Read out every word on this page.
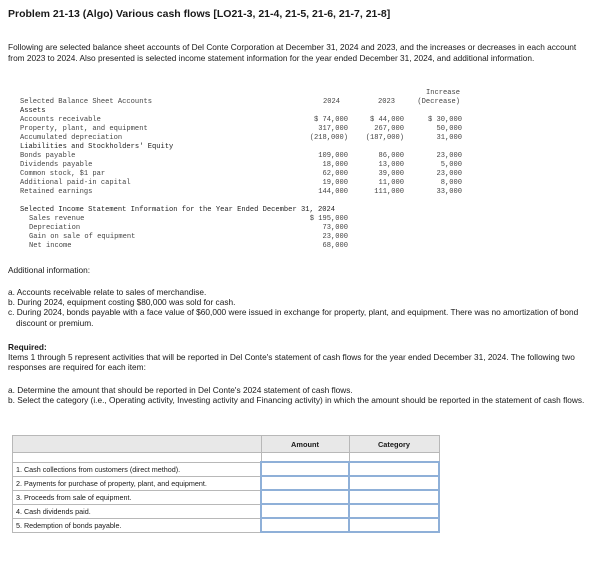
Problem 21-13 (Algo) Various cash flows [LO21-3, 21-4, 21-5, 21-6, 21-7, 21-8]
Following are selected balance sheet accounts of Del Conte Corporation at December 31, 2024 and 2023, and the increases or decreases in each account from 2023 to 2024. Also presented is selected income statement information for the year ended December 31, 2024, and additional information.
Selected Balance Sheet Accounts	2024	2023
Increase
(Decrease)
Assets
Accounts receivable	$ 74,000	$ 44,000	$ 30,000
Property, plant, and equipment	317,000	267,000	50,000
Accumulated depreciation	(218,000)	(187,000)	31,000
Liabilities and Stockholders' Equity
Bonds payable	109,000	86,000	23,000
Dividends payable	18,000	13,000	5,000
Common stock, $1 par	62,000	39,000	23,000
Additional paid-in capital	19,000	11,000	8,000
Retained earnings	144,000	111,000	33,000
Selected Income Statement Information for the Year Ended December 31, 2024
Sales revenue	$ 195,000
Depreciation	73,000
Gain on sale of equipment	23,000
Net income	68,000
Additional information:
a. Accounts receivable relate to sales of merchandise.
b. During 2024, equipment costing $80,000 was sold for cash.
c. During 2024, bonds payable with a face value of $60,000 were issued in exchange for property, plant, and equipment. There was no amortization of bond discount or premium.
Required:
Items 1 through 5 represent activities that will be reported in Del Conte's statement of cash flows for the year ended December 31, 2024. The following two responses are required for each item:
a. Determine the amount that should be reported in Del Conte's 2024 statement of cash flows.
b. Select the category (i.e., Operating activity, Investing activity and Financing activity) in which the amount should be reported in the statement of cash flows.
	Amount	Category

1. Cash collections from customers (direct method).		
2. Payments for purchase of property, plant, and equipment.		
3. Proceeds from sale of equipment.		
4. Cash dividends paid.		
5. Redemption of bonds payable.		
